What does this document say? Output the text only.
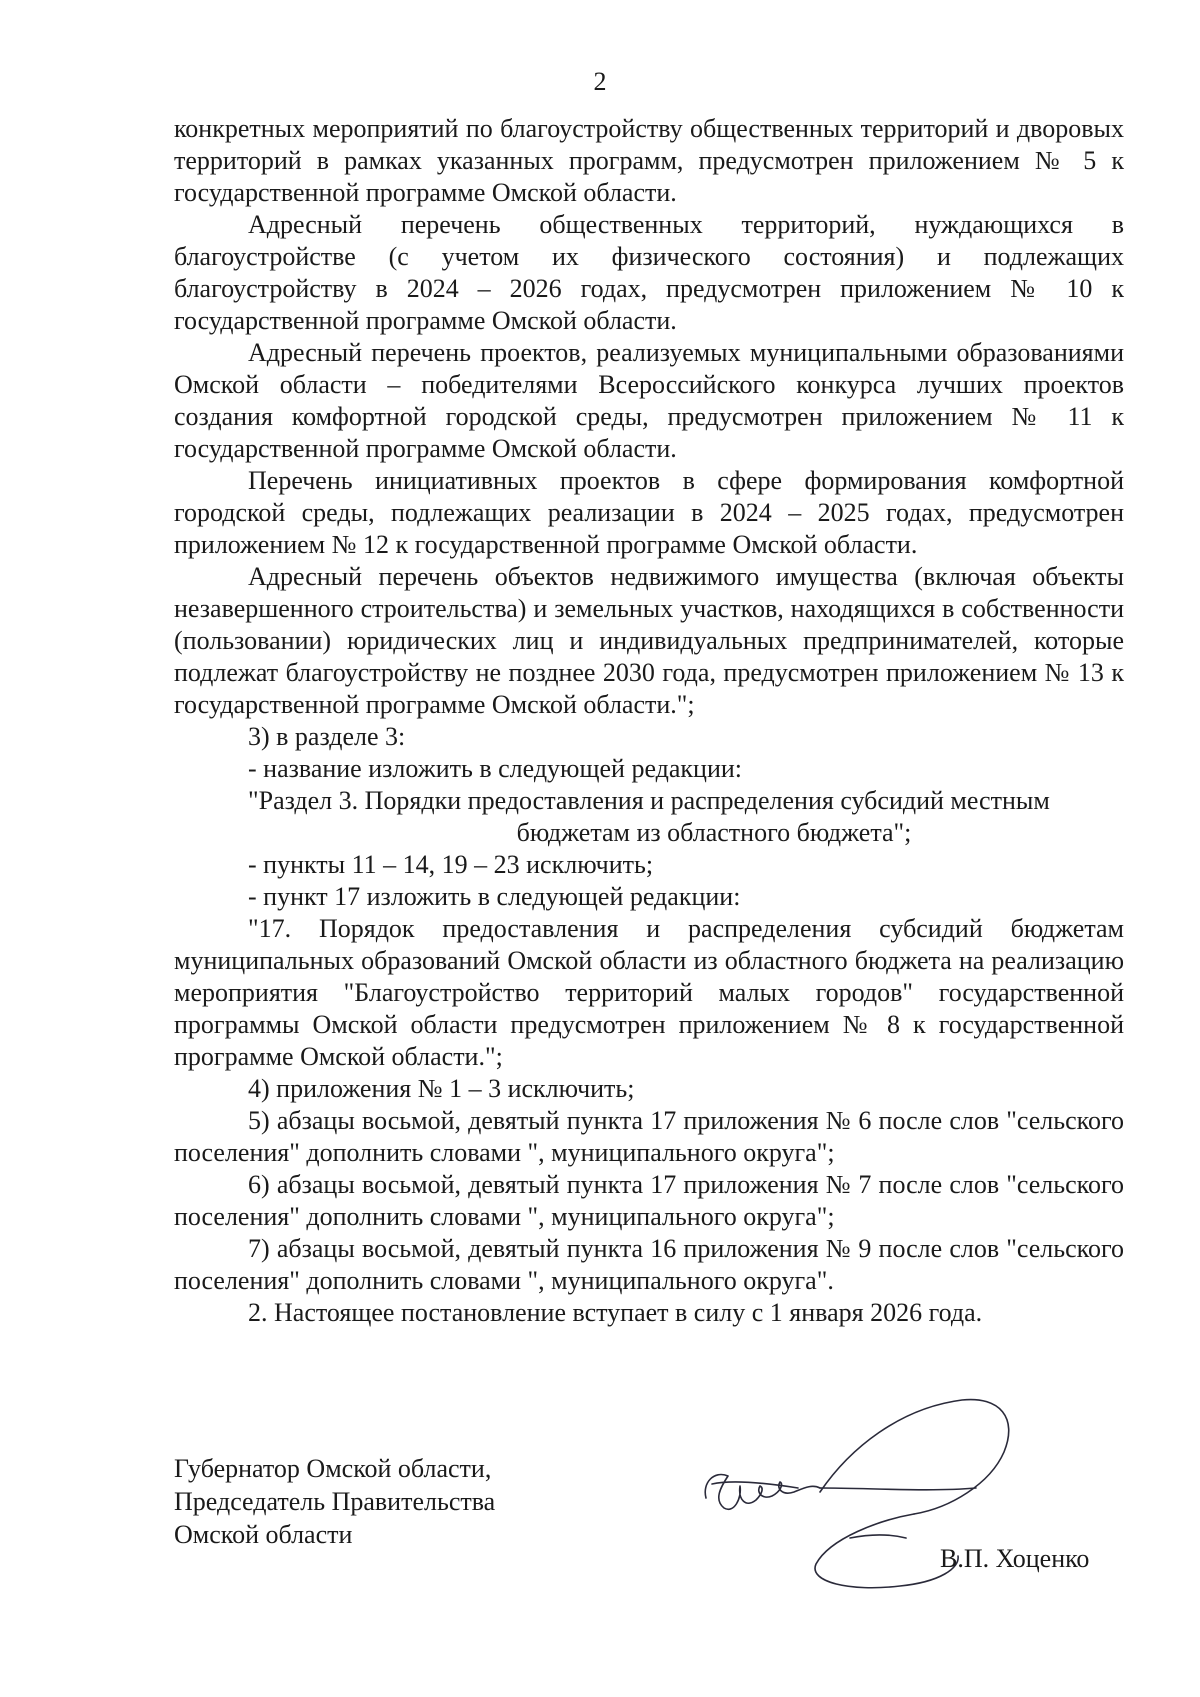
2

конкретных мероприятий по благоустройству общественных территорий и дворовых территорий в рамках указанных программ, предусмотрен приложением № 5 к государственной программе Омской области.

Адресный перечень общественных территорий, нуждающихся в благоустройстве (с учетом их физического состояния) и подлежащих благоустройству в 2024 – 2026 годах, предусмотрен приложением № 10 к государственной программе Омской области.

Адресный перечень проектов, реализуемых муниципальными образованиями Омской области – победителями Всероссийского конкурса лучших проектов создания комфортной городской среды, предусмотрен приложением № 11 к государственной программе Омской области.

Перечень инициативных проектов в сфере формирования комфортной городской среды, подлежащих реализации в 2024 – 2025 годах, предусмотрен приложением № 12 к государственной программе Омской области.

Адресный перечень объектов недвижимого имущества (включая объекты незавершенного строительства) и земельных участков, находящихся в собственности (пользовании) юридических лиц и индивидуальных предпринимателей, которые подлежат благоустройству не позднее 2030 года, предусмотрен приложением № 13 к государственной программе Омской области.";

3) в разделе 3:

- название изложить в следующей редакции:

"Раздел 3. Порядки предоставления и распределения субсидий местным

бюджетам из областного бюджета";

- пункты 11 – 14, 19 – 23 исключить;

- пункт 17 изложить в следующей редакции:

"17. Порядок предоставления и распределения субсидий бюджетам муниципальных образований Омской области из областного бюджета на реализацию мероприятия "Благоустройство территорий малых городов" государственной программы Омской области предусмотрен приложением № 8 к государственной программе Омской области.";

4) приложения № 1 – 3 исключить;

5) абзацы восьмой, девятый пункта 17 приложения № 6 после слов "сельского поселения" дополнить словами ", муниципального округа";

6) абзацы восьмой, девятый пункта 17 приложения № 7 после слов "сельского поселения" дополнить словами ", муниципального округа";

7) абзацы восьмой, девятый пункта 16 приложения № 9 после слов "сельского поселения" дополнить словами ", муниципального округа".

2. Настоящее постановление вступает в силу с 1 января 2026 года.

Губернатор Омской области,
Председатель Правительства
Омской области
В.П. Хоценко
